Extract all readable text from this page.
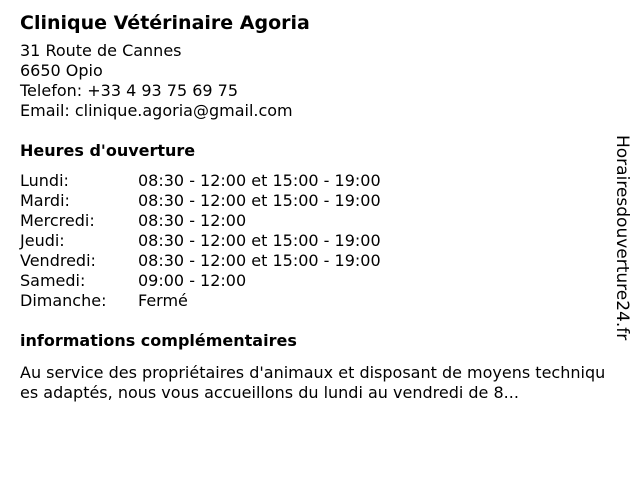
Clinique Vétérinaire Agoria
31 Route de Cannes
6650 Opio
Telefon: +33 4 93 75 69 75
Email: clinique.agoria@gmail.com
Heures d'ouverture
Lundi:	08:30 - 12:00 et 15:00 - 19:00
Mardi:	08:30 - 12:00 et 15:00 - 19:00
Mercredi:	08:30 - 12:00
Jeudi:	08:30 - 12:00 et 15:00 - 19:00
Vendredi:	08:30 - 12:00 et 15:00 - 19:00
Samedi:	09:00 - 12:00
Dimanche:	Fermé
informations complémentaires
Au service des propriétaires d'animaux et disposant de moyens techniques adaptés, nous vous accueillons du lundi au vendredi de 8...
Horairesdouverture24.fr
